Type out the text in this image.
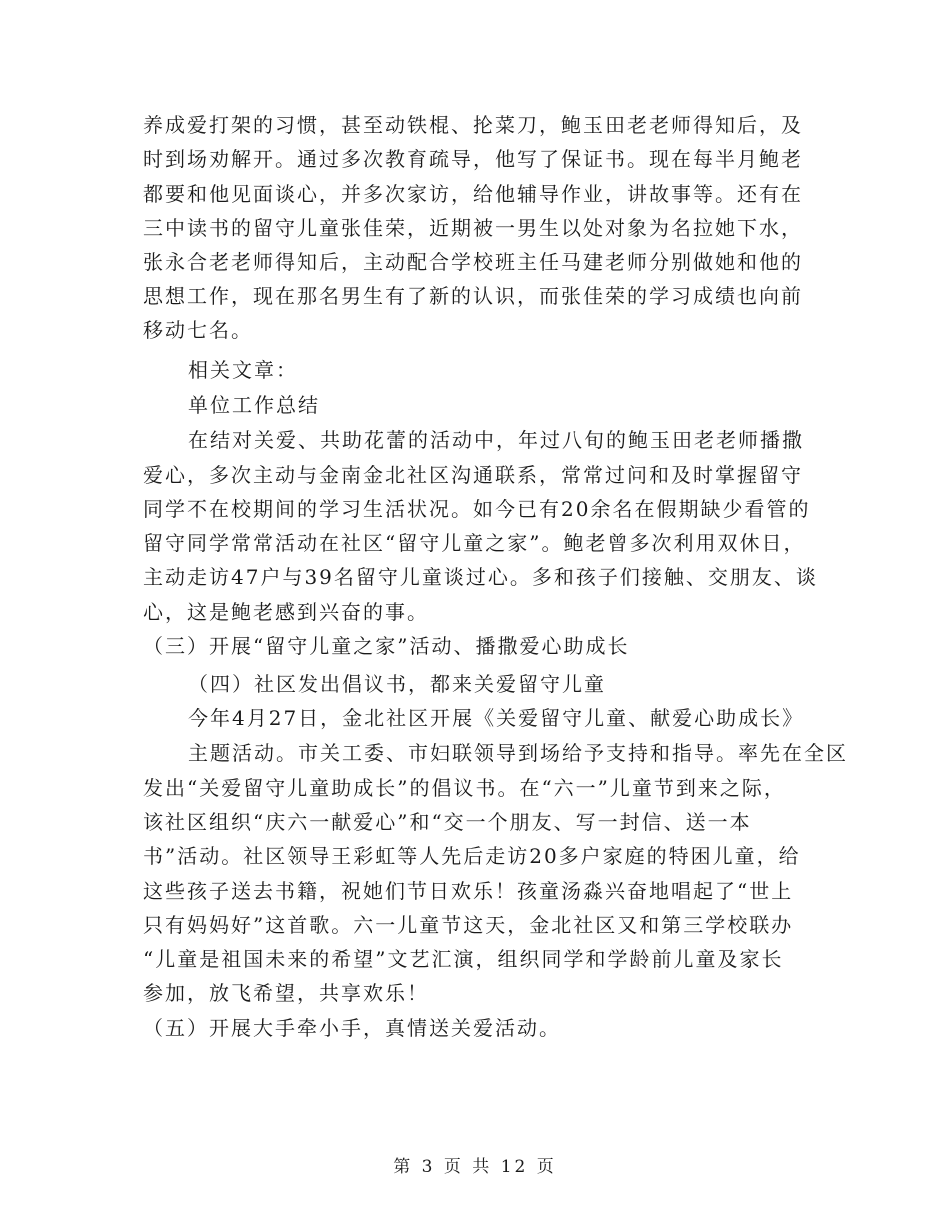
养成爱打架的习惯，甚至动铁棍、抡菜刀，鲍玉田老老师得知后，及
时到场劝解开。通过多次教育疏导，他写了保证书。现在每半月鲍老
都要和他见面谈心，并多次家访，给他辅导作业，讲故事等。还有在
三中读书的留守儿童张佳荣，近期被一男生以处对象为名拉她下水，
张永合老老师得知后，主动配合学校班主任马建老师分别做她和他的
思想工作，现在那名男生有了新的认识，而张佳荣的学习成绩也向前
移动七名。
相关文章：
单位工作总结
在结对关爱、共助花蕾的活动中，年过八旬的鲍玉田老老师播撒
爱心，多次主动与金南金北社区沟通联系，常常过问和及时掌握留守
同学不在校期间的学习生活状况。如今已有20余名在假期缺少看管的
留守同学常常活动在社区“留守儿童之家”。鲍老曾多次利用双休日，
主动走访47户与39名留守儿童谈过心。多和孩子们接触、交朋友、谈
心，这是鲍老感到兴奋的事。
（三）开展“留守儿童之家”活动、播撒爱心助成长
（四）社区发出倡议书，都来关爱留守儿童
今年4月27日，金北社区开展《关爱留守儿童、献爱心助成长》
主题活动。市关工委、市妇联领导到场给予支持和指导。率先在全区
发出“关爱留守儿童助成长”的倡议书。在“六一”儿童节到来之际，
该社区组织“庆六一献爱心”和“交一个朋友、写一封信、送一本
书”活动。社区领导王彩虹等人先后走访20多户家庭的特困儿童，给
这些孩子送去书籍，祝她们节日欢乐！孩童汤淼兴奋地唱起了“世上
只有妈妈好”这首歌。六一儿童节这天，金北社区又和第三学校联办
“儿童是祖国未来的希望”文艺汇演，组织同学和学龄前儿童及家长
参加，放飞希望，共享欢乐！
（五）开展大手牵小手，真情送关爱活动。
第 3 页 共 12 页
